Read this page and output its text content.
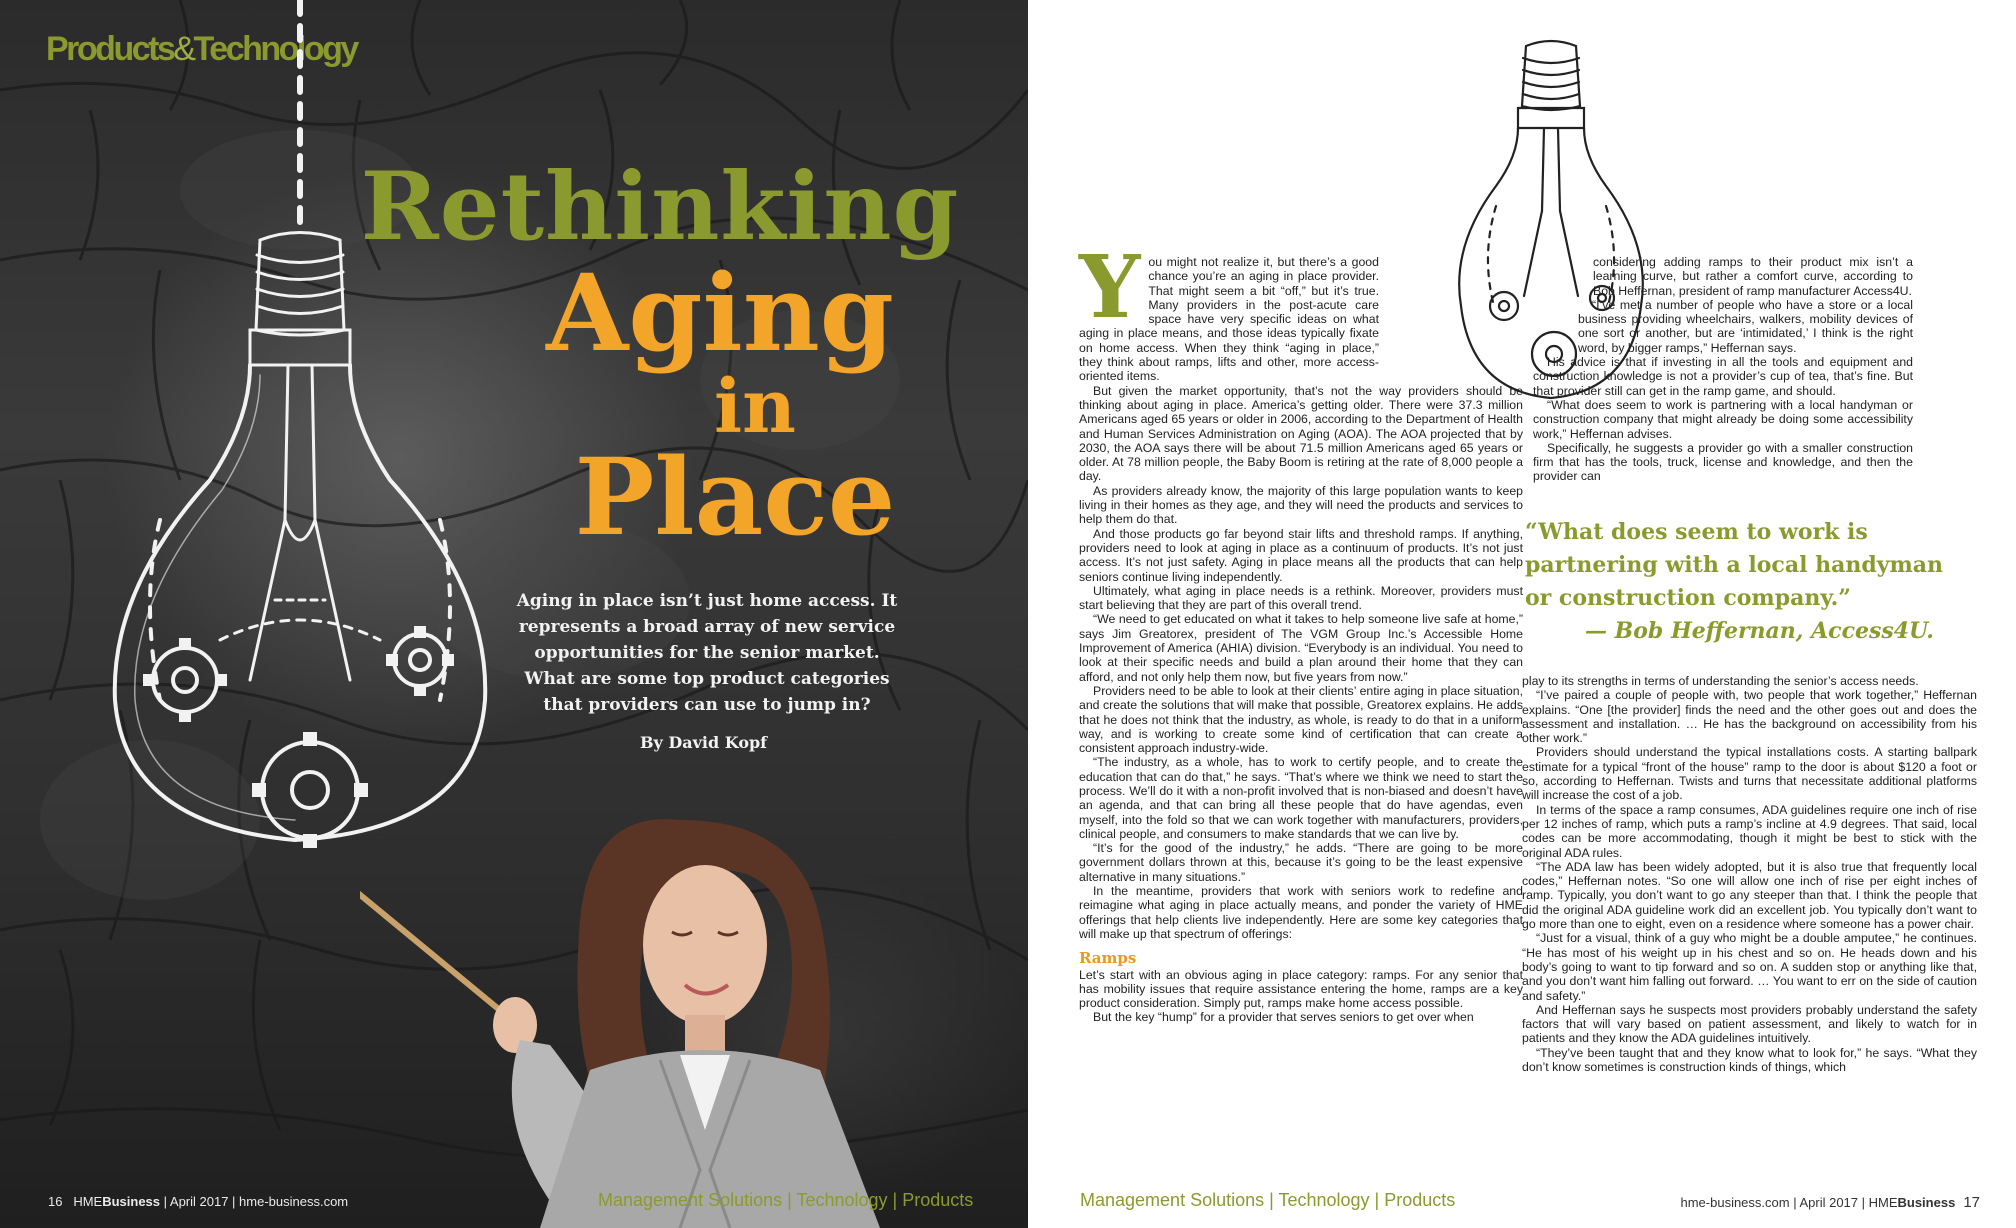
Products&Technology
Rethinking
Aging
in
Place
Aging in place isn’t just home access. It represents a broad array of new service opportunities for the senior market. What are some top product categories that providers can use to jump in?
By David Kopf
16 HMEBusiness | April 2017 | hme-business.com	Management Solutions | Technology | Products
Y ou might not realize it, but there’s a good chance you’re an aging in place provider. That might seem a bit “off,” but it’s true. Many providers in the post-acute care space have very specific ideas on what aging in place means, and those ideas typically fixate on home access. When they think “aging in place,” they think about ramps, lifts and other, more access-oriented items.

But given the market opportunity, that’s not the way providers should be thinking about aging in place. America’s getting older. There were 37.3 million Americans aged 65 years or older in 2006, according to the Department of Health and Human Services Administration on Aging (AOA). The AOA projected that by 2030, the AOA says there will be about 71.5 million Americans aged 65 years or older. At 78 million people, the Baby Boom is retiring at the rate of 8,000 people a day.

As providers already know, the majority of this large population wants to keep living in their homes as they age, and they will need the products and services to help them do that.

And those products go far beyond stair lifts and threshold ramps. If anything, providers need to look at aging in place as a continuum of products. It’s not just access. It’s not just safety. Aging in place means all the products that can help seniors continue living independently.

Ultimately, what aging in place needs is a rethink. Moreover, providers must start believing that they are part of this overall trend.

“We need to get educated on what it takes to help someone live safe at home,” says Jim Greatorex, president of The VGM Group Inc.’s Accessible Home Improvement of America (AHIA) division. “Everybody is an individual. You need to look at their specific needs and build a plan around their home that they can afford, and not only help them now, but five years from now.”

Providers need to be able to look at their clients’ entire aging in place situation, and create the solutions that will make that possible, Greatorex explains. He adds that he does not think that the industry, as whole, is ready to do that in a uniform way, and is working to create some kind of certification that can create a consistent approach industry-wide.

“The industry, as a whole, has to work to certify people, and to create the education that can do that,” he says. “That’s where we think we need to start the process. We’ll do it with a non-profit involved that is non-biased and doesn’t have an agenda, and that can bring all these people that do have agendas, even myself, into the fold so that we can work together with manufacturers, providers, clinical people, and consumers to make standards that we can live by.

“It’s for the good of the industry,” he adds. “There are going to be more government dollars thrown at this, because it’s going to be the least expensive alternative in many situations.”

In the meantime, providers that work with seniors work to redefine and reimagine what aging in place actually means, and ponder the variety of HME offerings that help clients live independently. Here are some key categories that will make up that spectrum of offerings:

Ramps

Let’s start with an obvious aging in place category: ramps. For any senior that has mobility issues that require assistance entering the home, ramps are a key product consideration. Simply put, ramps make home access possible.

But the key “hump” for a provider that serves seniors to get over when

considering adding ramps to their product mix isn’t a learning curve, but rather a comfort curve, according to Bob Heffernan, president of ramp manufacturer Access4U.

“I’ve met a number of people who have a store or a local business providing wheelchairs, walkers, mobility devices of one sort or another, but are ‘intimidated,’ I think is the right word, by bigger ramps,” Heffernan says.

His advice is that if investing in all the tools and equipment and construction knowledge is not a provider’s cup of tea, that’s fine. But that provider still can get in the ramp game, and should.

“What does seem to work is partnering with a local handyman or construction company that might already be doing some accessibility work,” Heffernan advises.

Specifically, he suggests a provider go with a smaller construction firm that has the tools, truck, license and knowledge, and then the provider can

“What does seem to work is partnering with a local handyman or construction company.”
— Bob Heffernan, Access4U.

play to its strengths in terms of understanding the senior’s access needs.

“I’ve paired a couple of people with, two people that work together,” Heffernan explains. “One [the provider] finds the need and the other goes out and does the assessment and installation. … He has the background on accessibility from his other work.”

Providers should understand the typical installations costs. A starting ballpark estimate for a typical “front of the house” ramp to the door is about $120 a foot or so, according to Heffernan. Twists and turns that necessitate additional platforms will increase the cost of a job.

In terms of the space a ramp consumes, ADA guidelines require one inch of rise per 12 inches of ramp, which puts a ramp’s incline at 4.9 degrees. That said, local codes can be more accommodating, though it might be best to stick with the original ADA rules.

“The ADA law has been widely adopted, but it is also true that frequently local codes,” Heffernan notes. “So one will allow one inch of rise per eight inches of ramp. Typically, you don’t want to go any steeper than that. I think the people that did the original ADA guideline work did an excellent job. You typically don’t want to go more than one to eight, even on a residence where someone has a power chair.

“Just for a visual, think of a guy who might be a double amputee,” he continues. “He has most of his weight up in his chest and so on. He heads down and his body’s going to want to tip forward and so on. A sudden stop or anything like that, and you don’t want him falling out forward. … You want to err on the side of caution and safety.”

And Heffernan says he suspects most providers probably understand the safety factors that will vary based on patient assessment, and likely to watch for in patients and they know the ADA guidelines intuitively.

“They’ve been taught that and they know what to look for,” he says. “What they don’t know sometimes is construction kinds of things, which

Management Solutions | Technology | Products	hme-business.com | April 2017 | HMEBusiness 17
